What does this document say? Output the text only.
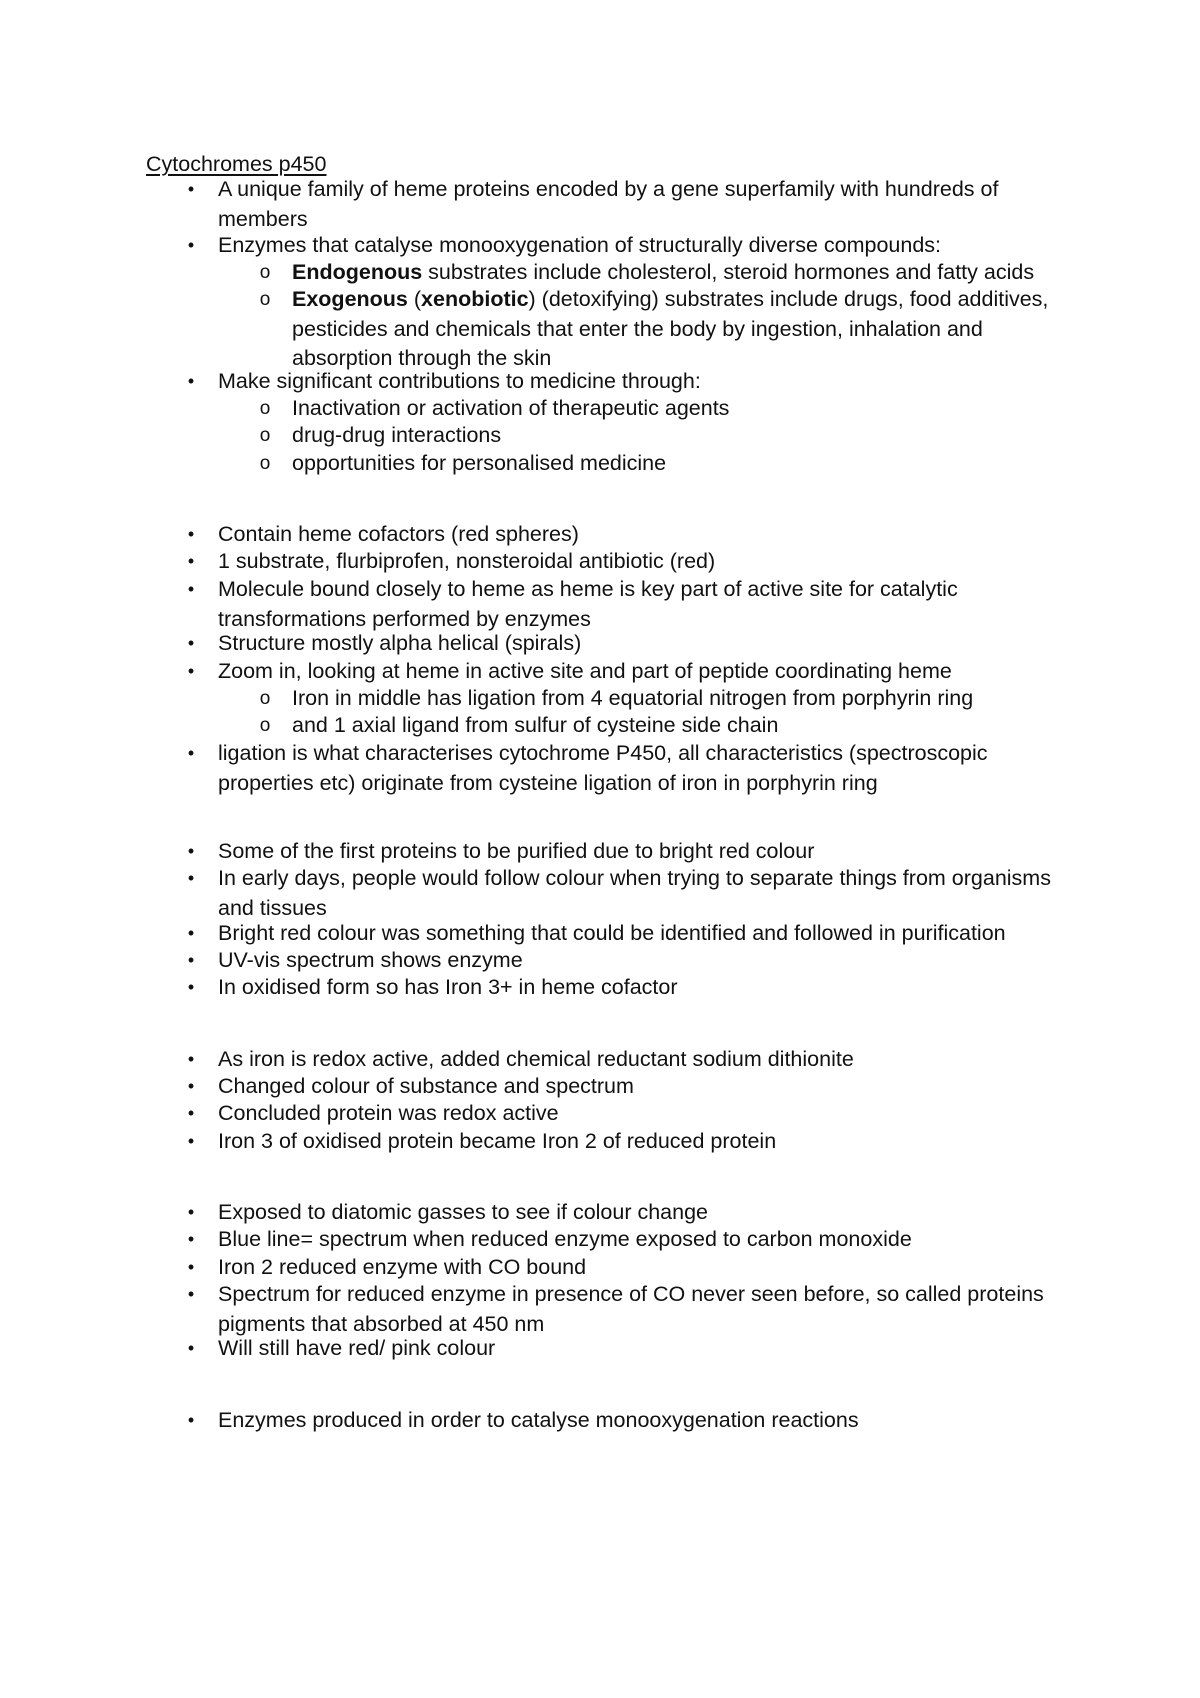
Cytochromes p450
•	A unique family of heme proteins encoded by a gene superfamily with hundreds of members
•	Enzymes that catalyse monooxygenation of structurally diverse compounds:
o Endogenous substrates include cholesterol, steroid hormones and fatty acids
o Exogenous (xenobiotic) (detoxifying) substrates include drugs, food additives, pesticides and chemicals that enter the body by ingestion, inhalation and absorption through the skin
•	Make significant contributions to medicine through:
o Inactivation or activation of therapeutic agents
o drug-drug interactions
o opportunities for personalised medicine
•	Contain heme cofactors (red spheres)
•	1 substrate, flurbiprofen, nonsteroidal antibiotic (red)
•	Molecule bound closely to heme as heme is key part of active site for catalytic transformations performed by enzymes
•	Structure mostly alpha helical (spirals)
•	Zoom in, looking at heme in active site and part of peptide coordinating heme
o Iron in middle has ligation from 4 equatorial nitrogen from porphyrin ring
o and 1 axial ligand from sulfur of cysteine side chain
•	ligation is what characterises cytochrome P450, all characteristics (spectroscopic properties etc) originate from cysteine ligation of iron in porphyrin ring
•	Some of the first proteins to be purified due to bright red colour
•	In early days, people would follow colour when trying to separate things from organisms and tissues
•	Bright red colour was something that could be identified and followed in purification
•	UV-vis spectrum shows enzyme
•	In oxidised form so has Iron 3+ in heme cofactor
•	As iron is redox active, added chemical reductant sodium dithionite
•	Changed colour of substance and spectrum
•	Concluded protein was redox active
•	Iron 3 of oxidised protein became Iron 2 of reduced protein
•	Exposed to diatomic gasses to see if colour change
•	Blue line= spectrum when reduced enzyme exposed to carbon monoxide
•	Iron 2 reduced enzyme with CO bound
•	Spectrum for reduced enzyme in presence of CO never seen before, so called proteins pigments that absorbed at 450 nm
•	Will still have red/ pink colour
•	Enzymes produced in order to catalyse monooxygenation reactions
